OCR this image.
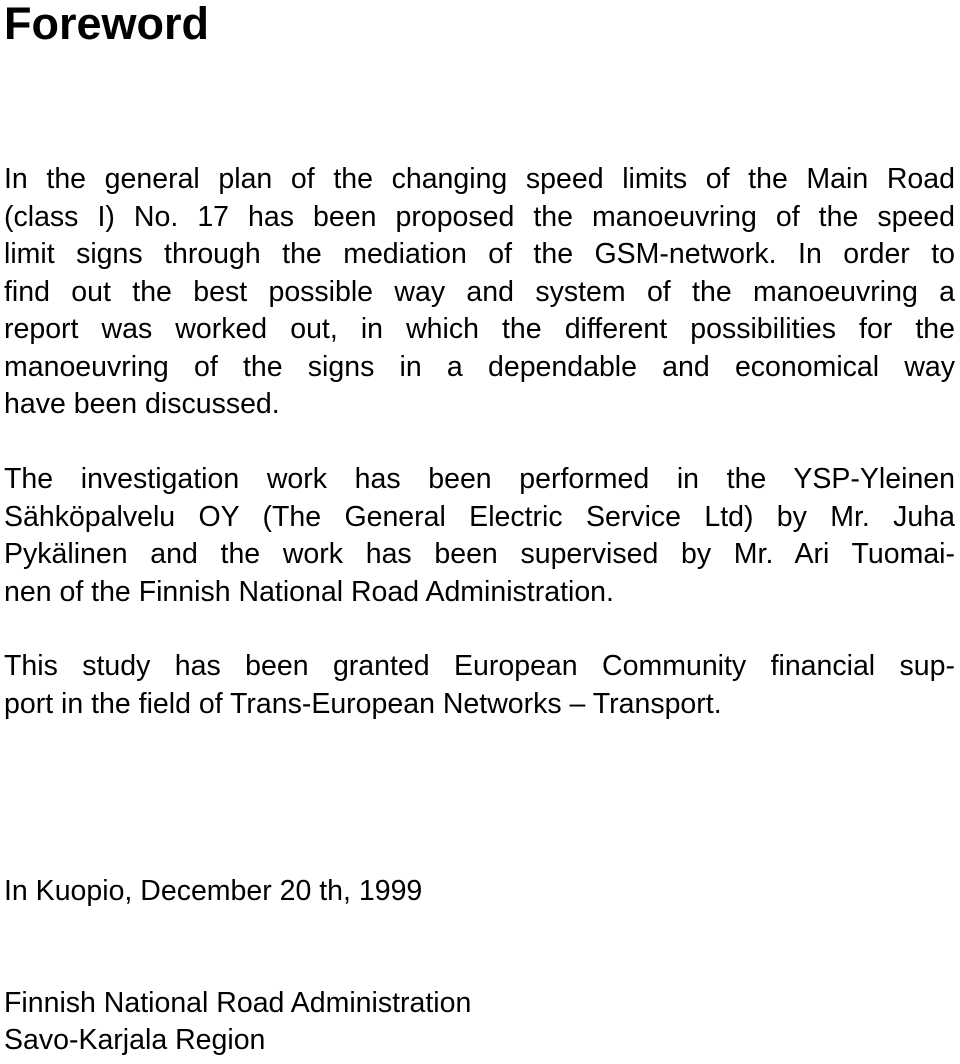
Foreword
In the general plan of the changing speed limits of the Main Road
(class I) No. 17 has been proposed the manoeuvring of the speed
limit signs through the mediation of the GSM-network. In order to
find out the best possible way and system of the manoeuvring a
report was worked out, in which the different possibilities for the
manoeuvring of the signs in a dependable and economical way
have been discussed.
The investigation work has been performed in the YSP-Yleinen
Sähköpalvelu OY (The General Electric Service Ltd) by Mr. Juha
Pykälinen and the work has been supervised by Mr. Ari Tuomai-
nen of the Finnish National Road Administration.
This study has been granted European Community financial sup-
port in the field of Trans-European Networks – Transport.

In Kuopio, December 20 th, 1999

Finnish National Road Administration

Savo-Karjala Region
